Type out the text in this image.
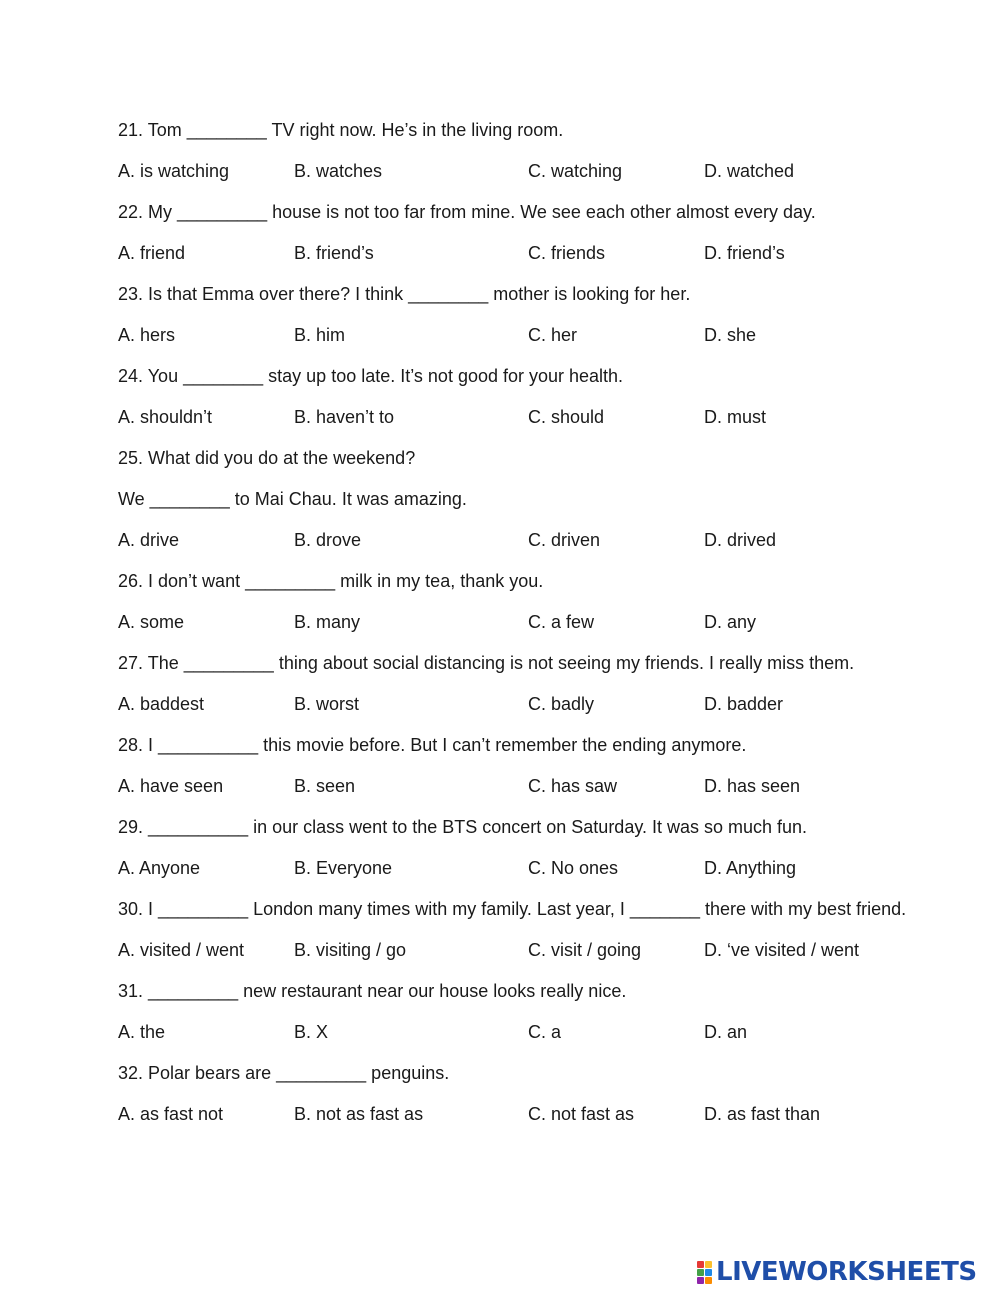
21. Tom ________ TV right now. He’s in the living room.
A. is watching	B. watches	C. watching	D. watched
22. My _________ house is not too far from mine. We see each other almost every day.
A. friend	B. friend’s	C. friends	D. friend’s
23. Is that Emma over there? I think ________ mother is looking for her.
A. hers	B. him	C. her	D. she
24. You ________ stay up too late. It’s not good for your health.
A. shouldn’t	B. haven’t to	C. should	D. must
25. What did you do at the weekend?
We ________ to Mai Chau. It was amazing.
A. drive	B. drove	C. driven	D. drived
26. I don’t want _________ milk in my tea, thank you.
A. some	B. many	C. a few	D. any
27. The _________ thing about social distancing is not seeing my friends. I really miss them.
A. baddest	B. worst	C. badly	D. badder
28. I __________ this movie before. But I can’t remember the ending anymore.
A. have seen	B. seen	C. has saw	D. has seen
29. __________ in our class went to the BTS concert on Saturday. It was so much fun.
A. Anyone	B. Everyone	C. No ones	D. Anything
30. I _________ London many times with my family. Last year, I _______ there with my best friend.
A. visited / went	B. visiting / go	C. visit / going	D. ‘ve visited / went
31. _________ new restaurant near our house looks really nice.
A. the	B. X	C. a	D. an
32. Polar bears are _________ penguins.
A. as fast not	B. not as fast as	C. not fast as	D. as fast than
LIVEWORKSHEETS
